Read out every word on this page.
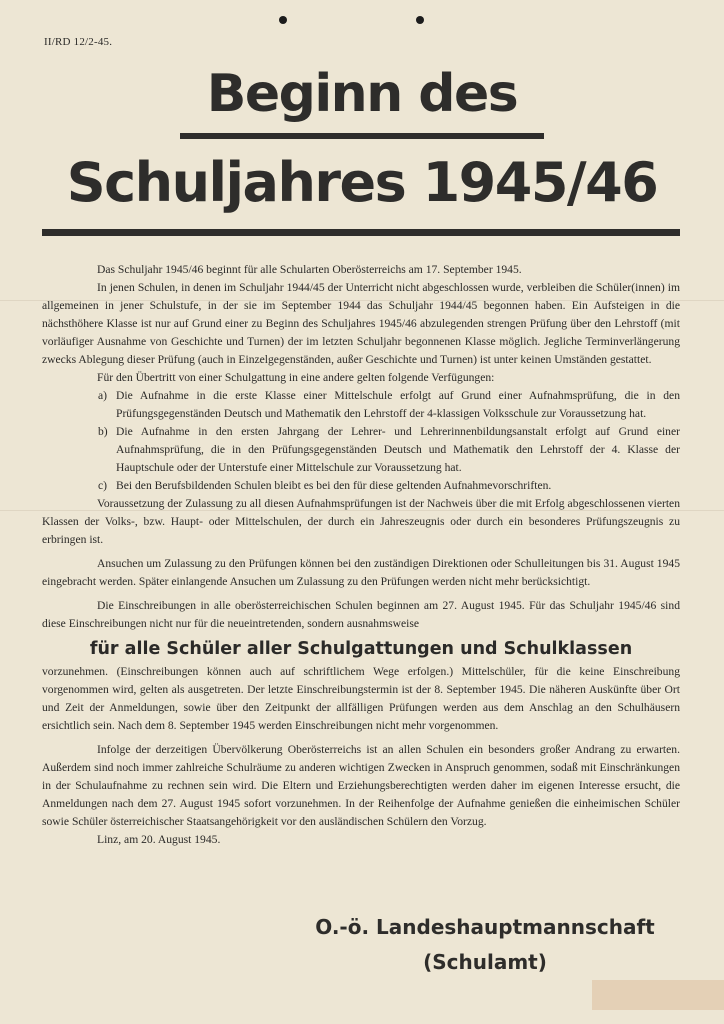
II/RD 12/2-45.
Beginn des
Schuljahres 1945/46

Das Schuljahr 1945/46 beginnt für alle Schularten Oberösterreichs am 17. September 1945.

In jenen Schulen, in denen im Schuljahr 1944/45 der Unterricht nicht abgeschlossen wurde, verbleiben die Schüler(innen) im allgemeinen in jener Schulstufe, in der sie im September 1944 das Schuljahr 1944/45 begonnen haben. Ein Aufsteigen in die nächsthöhere Klasse ist nur auf Grund einer zu Beginn des Schuljahres 1945/46 abzulegenden strengen Prüfung über den Lehrstoff (mit vorläufiger Ausnahme von Geschichte und Turnen) der im letzten Schuljahr begonnenen Klasse möglich. Jegliche Terminverlängerung zwecks Ablegung dieser Prüfung (auch in Einzelgegenständen, außer Geschichte und Turnen) ist unter keinen Umständen gestattet.

Für den Übertritt von einer Schulgattung in eine andere gelten folgende Verfügungen:

a) Die Aufnahme in die erste Klasse einer Mittelschule erfolgt auf Grund einer Aufnahmsprüfung, die in den Prüfungsgegenständen Deutsch und Mathematik den Lehrstoff der 4-klassigen Volksschule zur Voraussetzung hat.
b) Die Aufnahme in den ersten Jahrgang der Lehrer- und Lehrerinnenbildungsanstalt erfolgt auf Grund einer Aufnahmsprüfung, die in den Prüfungsgegenständen Deutsch und Mathematik den Lehrstoff der 4. Klasse der Hauptschule oder der Unterstufe einer Mittelschule zur Voraussetzung hat.
c) Bei den Berufsbildenden Schulen bleibt es bei den für diese geltenden Aufnahmevorschriften.

Voraussetzung der Zulassung zu all diesen Aufnahmsprüfungen ist der Nachweis über die mit Erfolg abgeschlossenen vierten Klassen der Volks-, bzw. Haupt- oder Mittelschulen, der durch ein Jahreszeugnis oder durch ein besonderes Prüfungszeugnis zu erbringen ist.

Ansuchen um Zulassung zu den Prüfungen können bei den zuständigen Direktionen oder Schulleitungen bis 31. August 1945 eingebracht werden. Später einlangende Ansuchen um Zulassung zu den Prüfungen werden nicht mehr berücksichtigt.

Die Einschreibungen in alle oberösterreichischen Schulen beginnen am 27. August 1945. Für das Schuljahr 1945/46 sind diese Einschreibungen nicht nur für die neueintretenden, sondern ausnahmsweise

für alle Schüler aller Schulgattungen und Schulklassen

vorzunehmen. (Einschreibungen können auch auf schriftlichem Wege erfolgen.) Mittelschüler, für die keine Einschreibung vorgenommen wird, gelten als ausgetreten. Der letzte Einschreibungstermin ist der 8. September 1945. Die näheren Auskünfte über Ort und Zeit der Anmeldungen, sowie über den Zeitpunkt der allfälligen Prüfungen werden aus dem Anschlag an den Schulhäusern ersichtlich sein. Nach dem 8. September 1945 werden Einschreibungen nicht mehr vorgenommen.

Infolge der derzeitigen Übervölkerung Oberösterreichs ist an allen Schulen ein besonders großer Andrang zu erwarten. Außerdem sind noch immer zahlreiche Schulräume zu anderen wichtigen Zwecken in Anspruch genommen, sodaß mit Einschränkungen in der Schulaufnahme zu rechnen sein wird. Die Eltern und Erziehungsberechtigten werden daher im eigenen Interesse ersucht, die Anmeldungen nach dem 27. August 1945 sofort vorzunehmen. In der Reihenfolge der Aufnahme genießen die einheimischen Schüler sowie Schüler österreichischer Staatsangehörigkeit vor den ausländischen Schülern den Vorzug.

Linz, am 20. August 1945.

O.-ö. Landeshauptmannschaft
(Schulamt)
